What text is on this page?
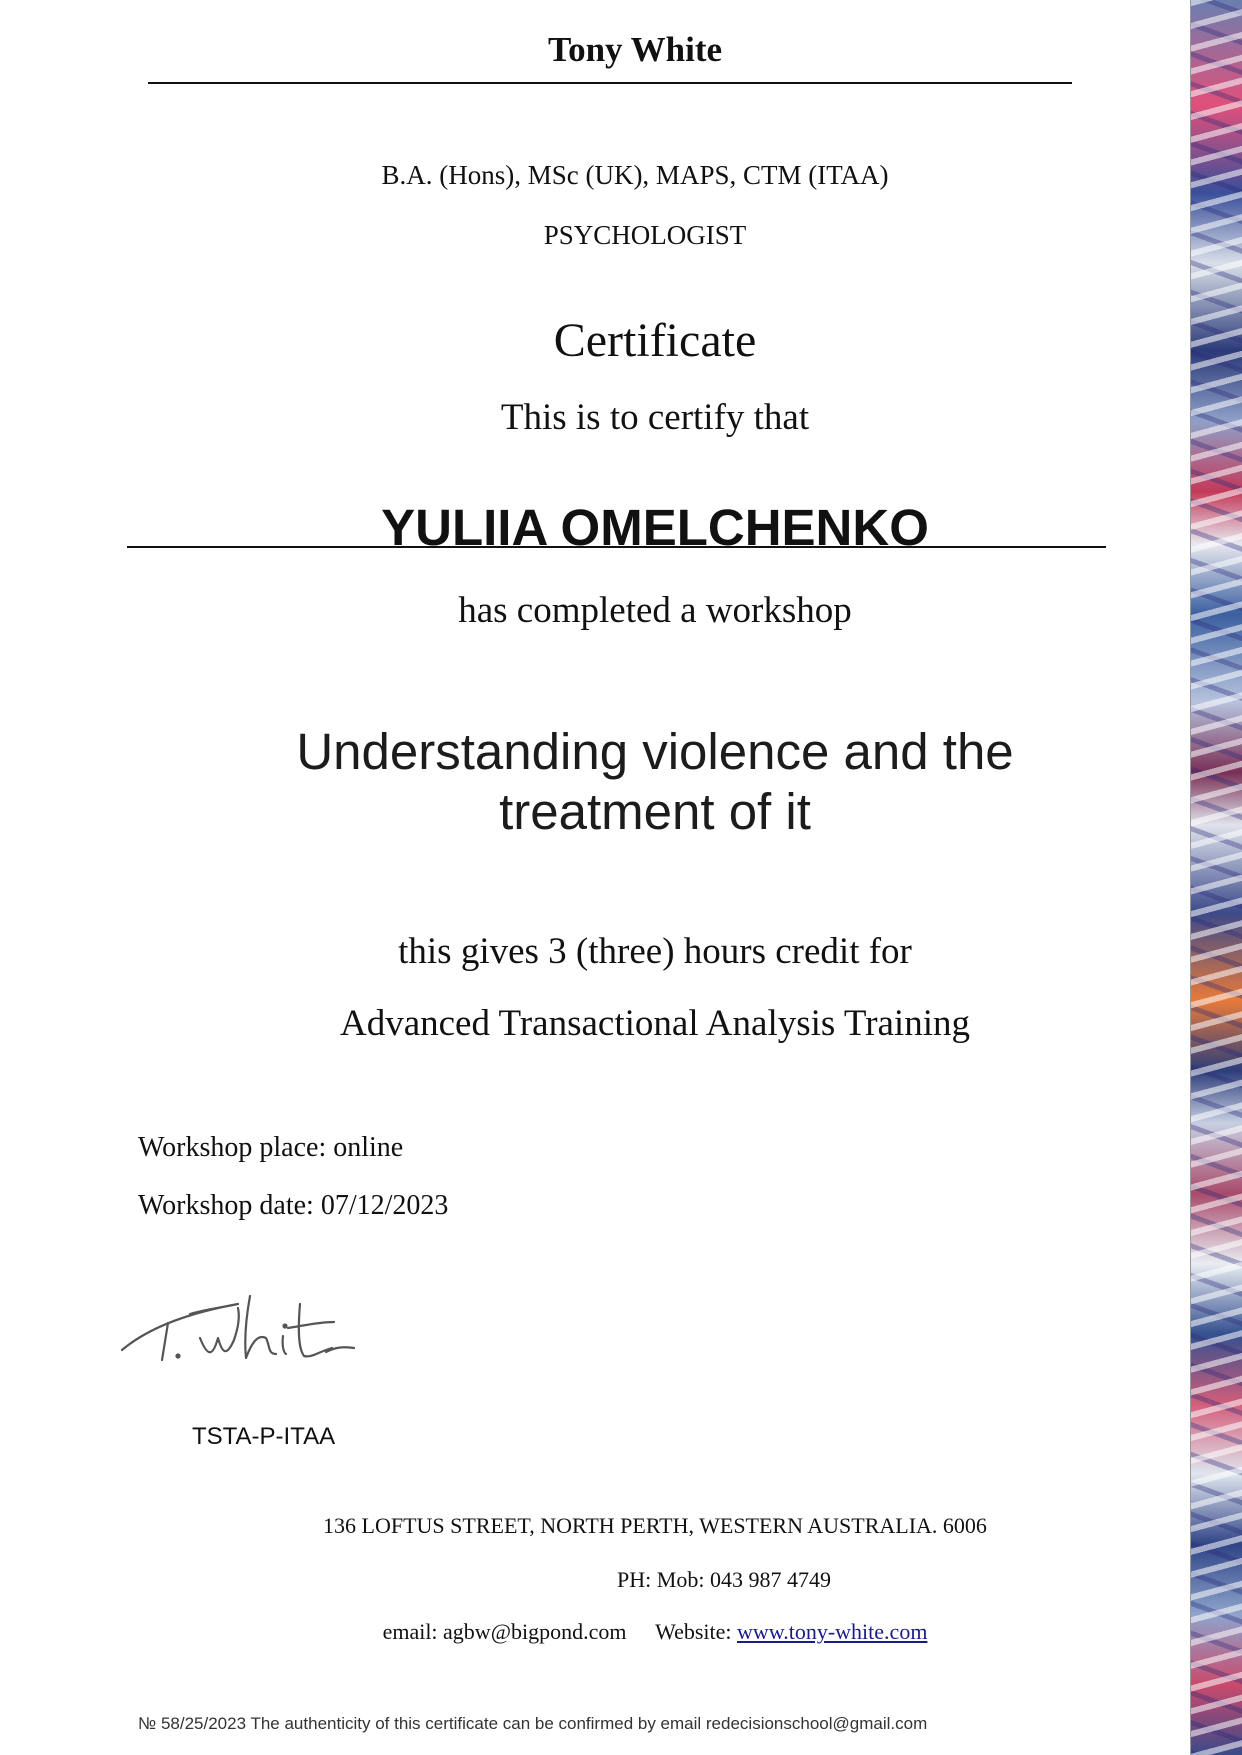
Tony White
B.A. (Hons), MSc (UK), MAPS, CTM (ITAA)
PSYCHOLOGIST
Certificate
This is to certify that
YULIIA OMELCHENKO
has completed a workshop
Understanding violence and the treatment of it
this gives 3 (three) hours credit for
Advanced Transactional Analysis Training
Workshop place: online
Workshop date: 07/12/2023
TSTA-P-ITAA
136 LOFTUS STREET, NORTH PERTH, WESTERN AUSTRALIA. 6006
PH: Mob: 043 987 4749
email: agbw@bigpond.com Website: www.tony-white.com
№ 58/25/2023 The authenticity of this certificate can be confirmed by email redecisionschool@gmail.com
